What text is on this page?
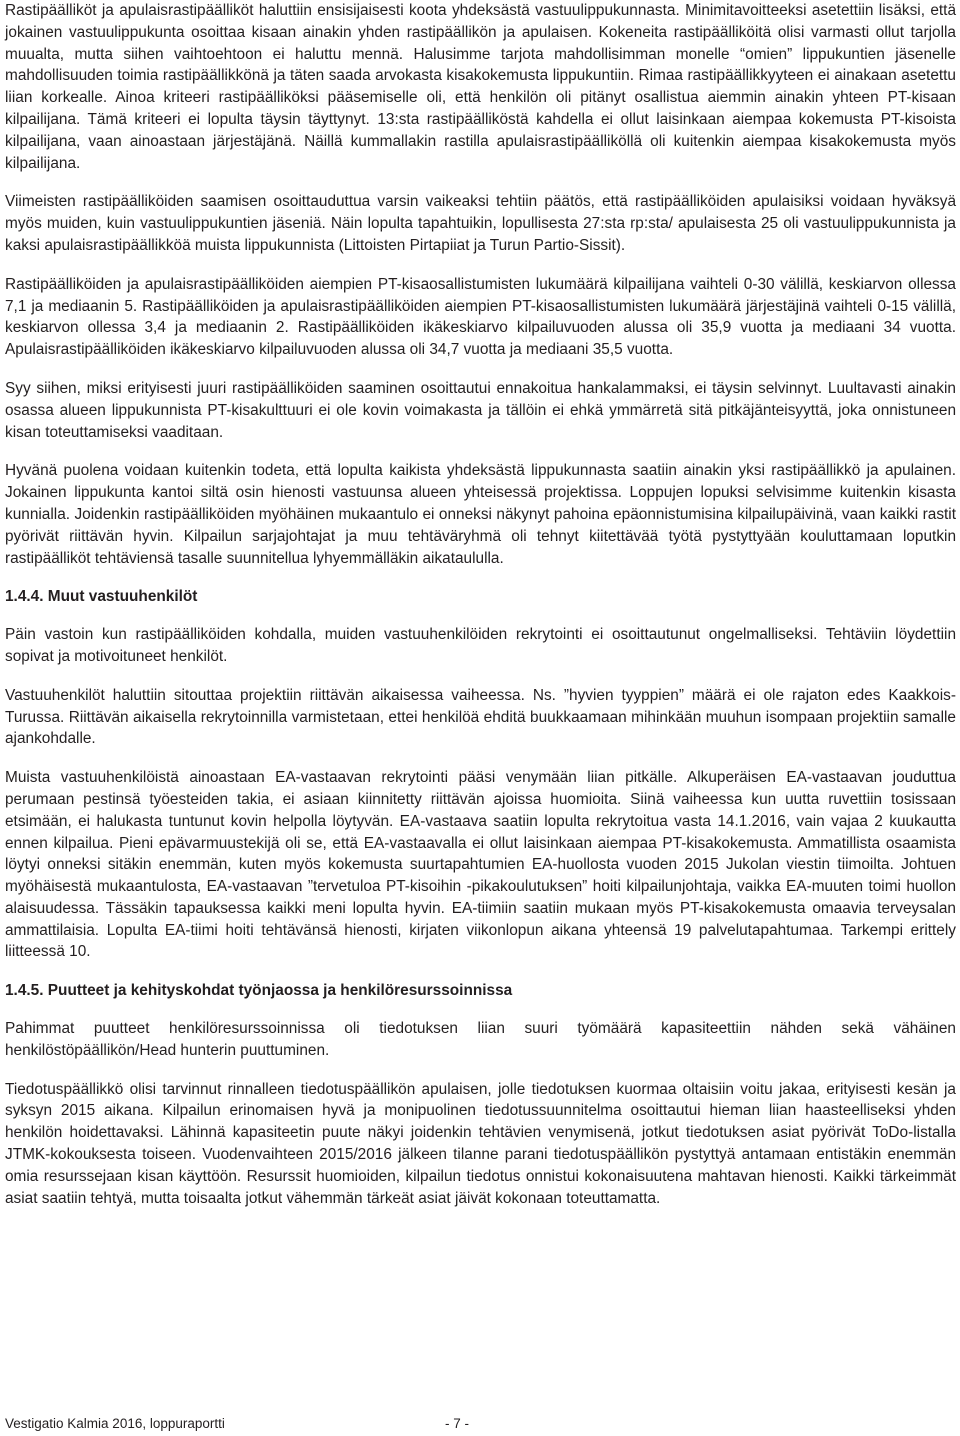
Rastipäälliköt ja apulaisrastipäälliköt haluttiin ensisijaisesti koota yhdeksästä vastuulippukunnasta. Minimitavoitteeksi asetettiin lisäksi, että jokainen vastuulippukunta osoittaa kisaan ainakin yhden rastipäällikön ja apulaisen. Kokeneita rastipäälliköitä olisi varmasti ollut tarjolla muualta, mutta siihen vaihtoehtoon ei haluttu mennä. Halusimme tarjota mahdollisimman monelle “omien” lippukuntien jäsenelle mahdollisuuden toimia rastipäällikkönä ja täten saada arvokasta kisakokemusta lippukuntiin. Rimaa rastipäällikkyyteen ei ainakaan asetettu liian korkealle. Ainoa kriteeri rastipäälliköksi pääsemiselle oli, että henkilön oli pitänyt osallistua aiemmin ainakin yhteen PT-kisaan kilpailijana. Tämä kriteeri ei lopulta täysin täyttynyt. 13:sta rastipäälliköstä kahdella ei ollut laisinkaan aiempaa kokemusta PT-kisoista kilpailijana, vaan ainoastaan järjestäjänä. Näillä kummallakin rastilla apulaisrastipäälliköllä oli kuitenkin aiempaa kisakokemusta myös kilpailijana.

Viimeisten rastipäälliköiden saamisen osoittauduttua varsin vaikeaksi tehtiin päätös, että rastipäälliköiden apulaisiksi voidaan hyväksyä myös muiden, kuin vastuulippukuntien jäseniä. Näin lopulta tapahtuikin, lopullisesta 27:sta rp:sta/ apulaisesta 25 oli vastuulippukunnista ja kaksi apulaisrastipäällikköä muista lippukunnista (Littoisten Pirtapiiat ja Turun Partio-Sissit).

Rastipäälliköiden ja apulaisrastipäälliköiden aiempien PT-kisaosallistumisten lukumäärä kilpailijana vaihteli 0-30 välillä, keskiarvon ollessa 7,1 ja mediaanin 5. Rastipäälliköiden ja apulaisrastipäälliköiden aiempien PT-kisaosallistumisten lukumäärä järjestäjinä vaihteli 0-15 välillä, keskiarvon ollessa 3,4 ja mediaanin 2. Rastipäälliköiden ikäkeskiarvo kilpailuvuoden alussa oli 35,9 vuotta ja mediaani 34 vuotta. Apulaisrastipäälliköiden ikäkeskiarvo kilpailuvuoden alussa oli 34,7 vuotta ja mediaani 35,5 vuotta.

Syy siihen, miksi erityisesti juuri rastipäälliköiden saaminen osoittautui ennakoitua hankalammaksi, ei täysin selvinnyt. Luultavasti ainakin osassa alueen lippukunnista PT-kisakulttuuri ei ole kovin voimakasta ja tällöin ei ehkä ymmärretä sitä pitkäjänteisyyttä, joka onnistuneen kisan toteuttamiseksi vaaditaan.

Hyvänä puolena voidaan kuitenkin todeta, että lopulta kaikista yhdeksästä lippukunnasta saatiin ainakin yksi rastipäällikkö ja apulainen. Jokainen lippukunta kantoi siltä osin hienosti vastuunsa alueen yhteisessä projektissa. Loppujen lopuksi selvisimme kuitenkin kisasta kunnialla. Joidenkin rastipäälliköiden myöhäinen mukaantulo ei onneksi näkynyt pahoina epäonnistumisina kilpailupäivinä, vaan kaikki rastit pyörivät riittävän hyvin. Kilpailun sarjajohtajat ja muu tehtäväryhmä oli tehnyt kiitettävää työtä pystyttyään kouluttamaan loputkin rastipäälliköt tehtäviensä tasalle suunnitellua lyhyemmälläkin aikataululla.

1.4.4. Muut vastuuhenkilöt

Päin vastoin kun rastipäälliköiden kohdalla, muiden vastuuhenkilöiden rekrytointi ei osoittautunut ongelmalliseksi. Tehtäviin löydettiin sopivat ja motivoituneet henkilöt.

Vastuuhenkilöt haluttiin sitouttaa projektiin riittävän aikaisessa vaiheessa. Ns. ”hyvien tyyppien” määrä ei ole rajaton edes Kaakkois-Turussa. Riittävän aikaisella rekrytoinnilla varmistetaan, ettei henkilöä ehditä buukkaamaan mihinkään muuhun isompaan projektiin samalle ajankohdalle.

Muista vastuuhenkilöistä ainoastaan EA-vastaavan rekrytointi pääsi venymään liian pitkälle. Alkuperäisen EA-vastaavan jouduttua perumaan pestinsä työesteiden takia, ei asiaan kiinnitetty riittävän ajoissa huomioita. Siinä vaiheessa kun uutta ruvettiin tosissaan etsimään, ei halukasta tuntunut kovin helpolla löytyvän. EA-vastaava saatiin lopulta rekrytoitua vasta 14.1.2016, vain vajaa 2 kuukautta ennen kilpailua. Pieni epävarmuustekijä oli se, että EA-vastaavalla ei ollut laisinkaan aiempaa PT-kisakokemusta. Ammatillista osaamista löytyi onneksi sitäkin enemmän, kuten myös kokemusta suurtapahtumien EA-huollosta vuoden 2015 Jukolan viestin tiimoilta. Johtuen myöhäisestä mukaantulosta, EA-vastaavan ”tervetuloa PT-kisoihin -pikakoulutuksen” hoiti kilpailunjohtaja, vaikka EA-muuten toimi huollon alaisuudessa. Tässäkin tapauksessa kaikki meni lopulta hyvin. EA-tiimiin saatiin mukaan myös PT-kisakokemusta omaavia terveysalan ammattilaisia. Lopulta EA-tiimi hoiti tehtävänsä hienosti, kirjaten viikonlopun aikana yhteensä 19 palvelutapahtumaa. Tarkempi erittely liitteessä 10.

1.4.5. Puutteet ja kehityskohdat työnjaossa ja henkilöresurssoinnissa

Pahimmat puutteet henkilöresurssoinnissa oli tiedotuksen liian suuri työmäärä kapasiteettiin nähden sekä vähäinen henkilöstöpäällikön/Head hunterin puuttuminen.

Tiedotuspäällikkö olisi tarvinnut rinnalleen tiedotuspäällikön apulaisen, jolle tiedotuksen kuormaa oltaisiin voitu jakaa, erityisesti kesän ja syksyn 2015 aikana. Kilpailun erinomaisen hyvä ja monipuolinen tiedotussuunnitelma osoittautui hieman liian haasteelliseksi yhden henkilön hoidettavaksi. Lähinnä kapasiteetin puute näkyi joidenkin tehtävien venymisenä, jotkut tiedotuksen asiat pyörivät ToDo-listalla JTMK-kokouksesta toiseen. Vuodenvaihteen 2015/2016 jälkeen tilanne parani tiedotuspäällikön pystyttyä antamaan entistäkin enemmän omia resurssejaan kisan käyttöön. Resurssit huomioiden, kilpailun tiedotus onnistui kokonaisuutena mahtavan hienosti. Kaikki tärkeimmät asiat saatiin tehtyä, mutta toisaalta jotkut vähemmän tärkeät asiat jäivät kokonaan toteuttamatta.

Vestigatio Kalmia 2016, loppuraportti	- 7 -
